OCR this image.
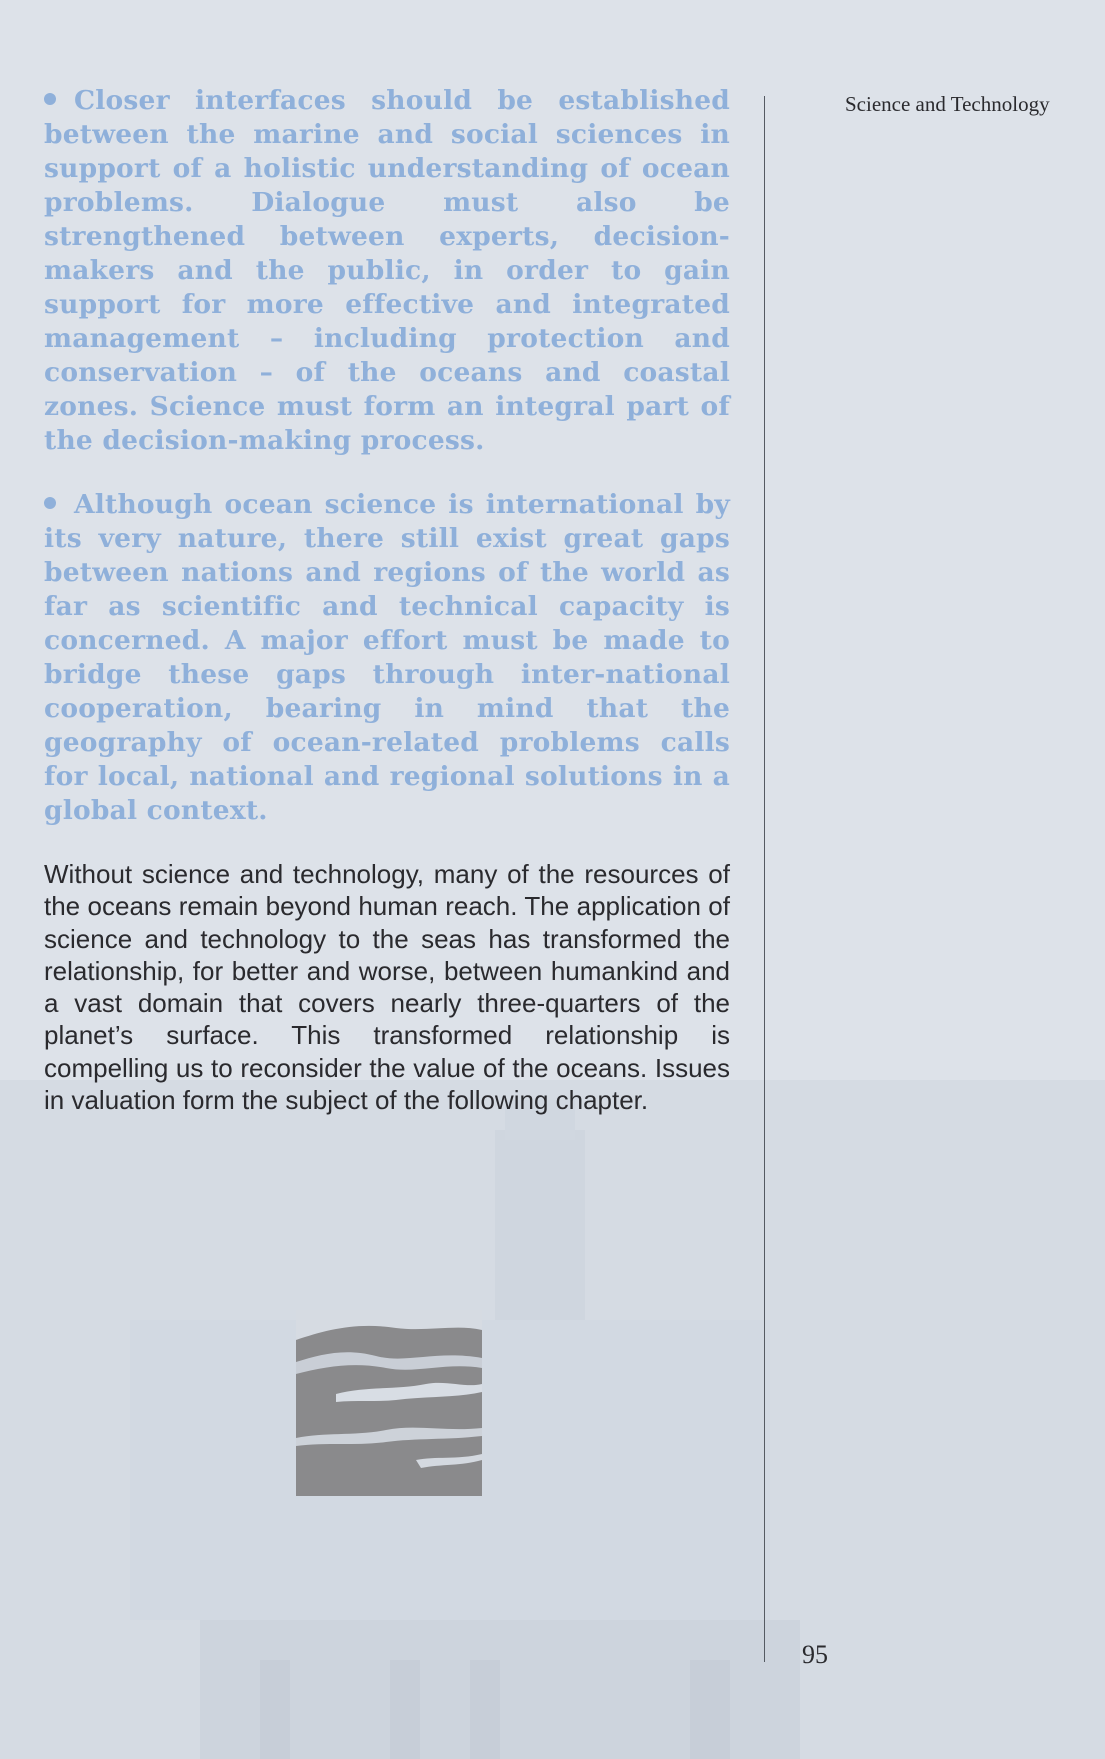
Closer interfaces should be established between the marine and social sciences in support of a holistic understanding of ocean problems. Dialogue must also be strengthened between experts, decision-makers and the public, in order to gain support for more effective and integrated management – including protection and conservation – of the oceans and coastal zones. Science must form an integral part of the decision-making process.

Although ocean science is international by its very nature, there still exist great gaps between nations and regions of the world as far as scientific and technical capacity is concerned. A major effort must be made to bridge these gaps through inter-national cooperation, bearing in mind that the geography of ocean-related problems calls for local, national and regional solutions in a global context.

Without science and technology, many of the resources of the oceans remain beyond human reach. The application of science and technology to the seas has transformed the relationship, for better and worse, between humankind and a vast domain that covers nearly three-quarters of the planet’s surface. This transformed relationship is compelling us to reconsider the value of the oceans. Issues in valuation form the subject of the following chapter.

Science and Technology
95
